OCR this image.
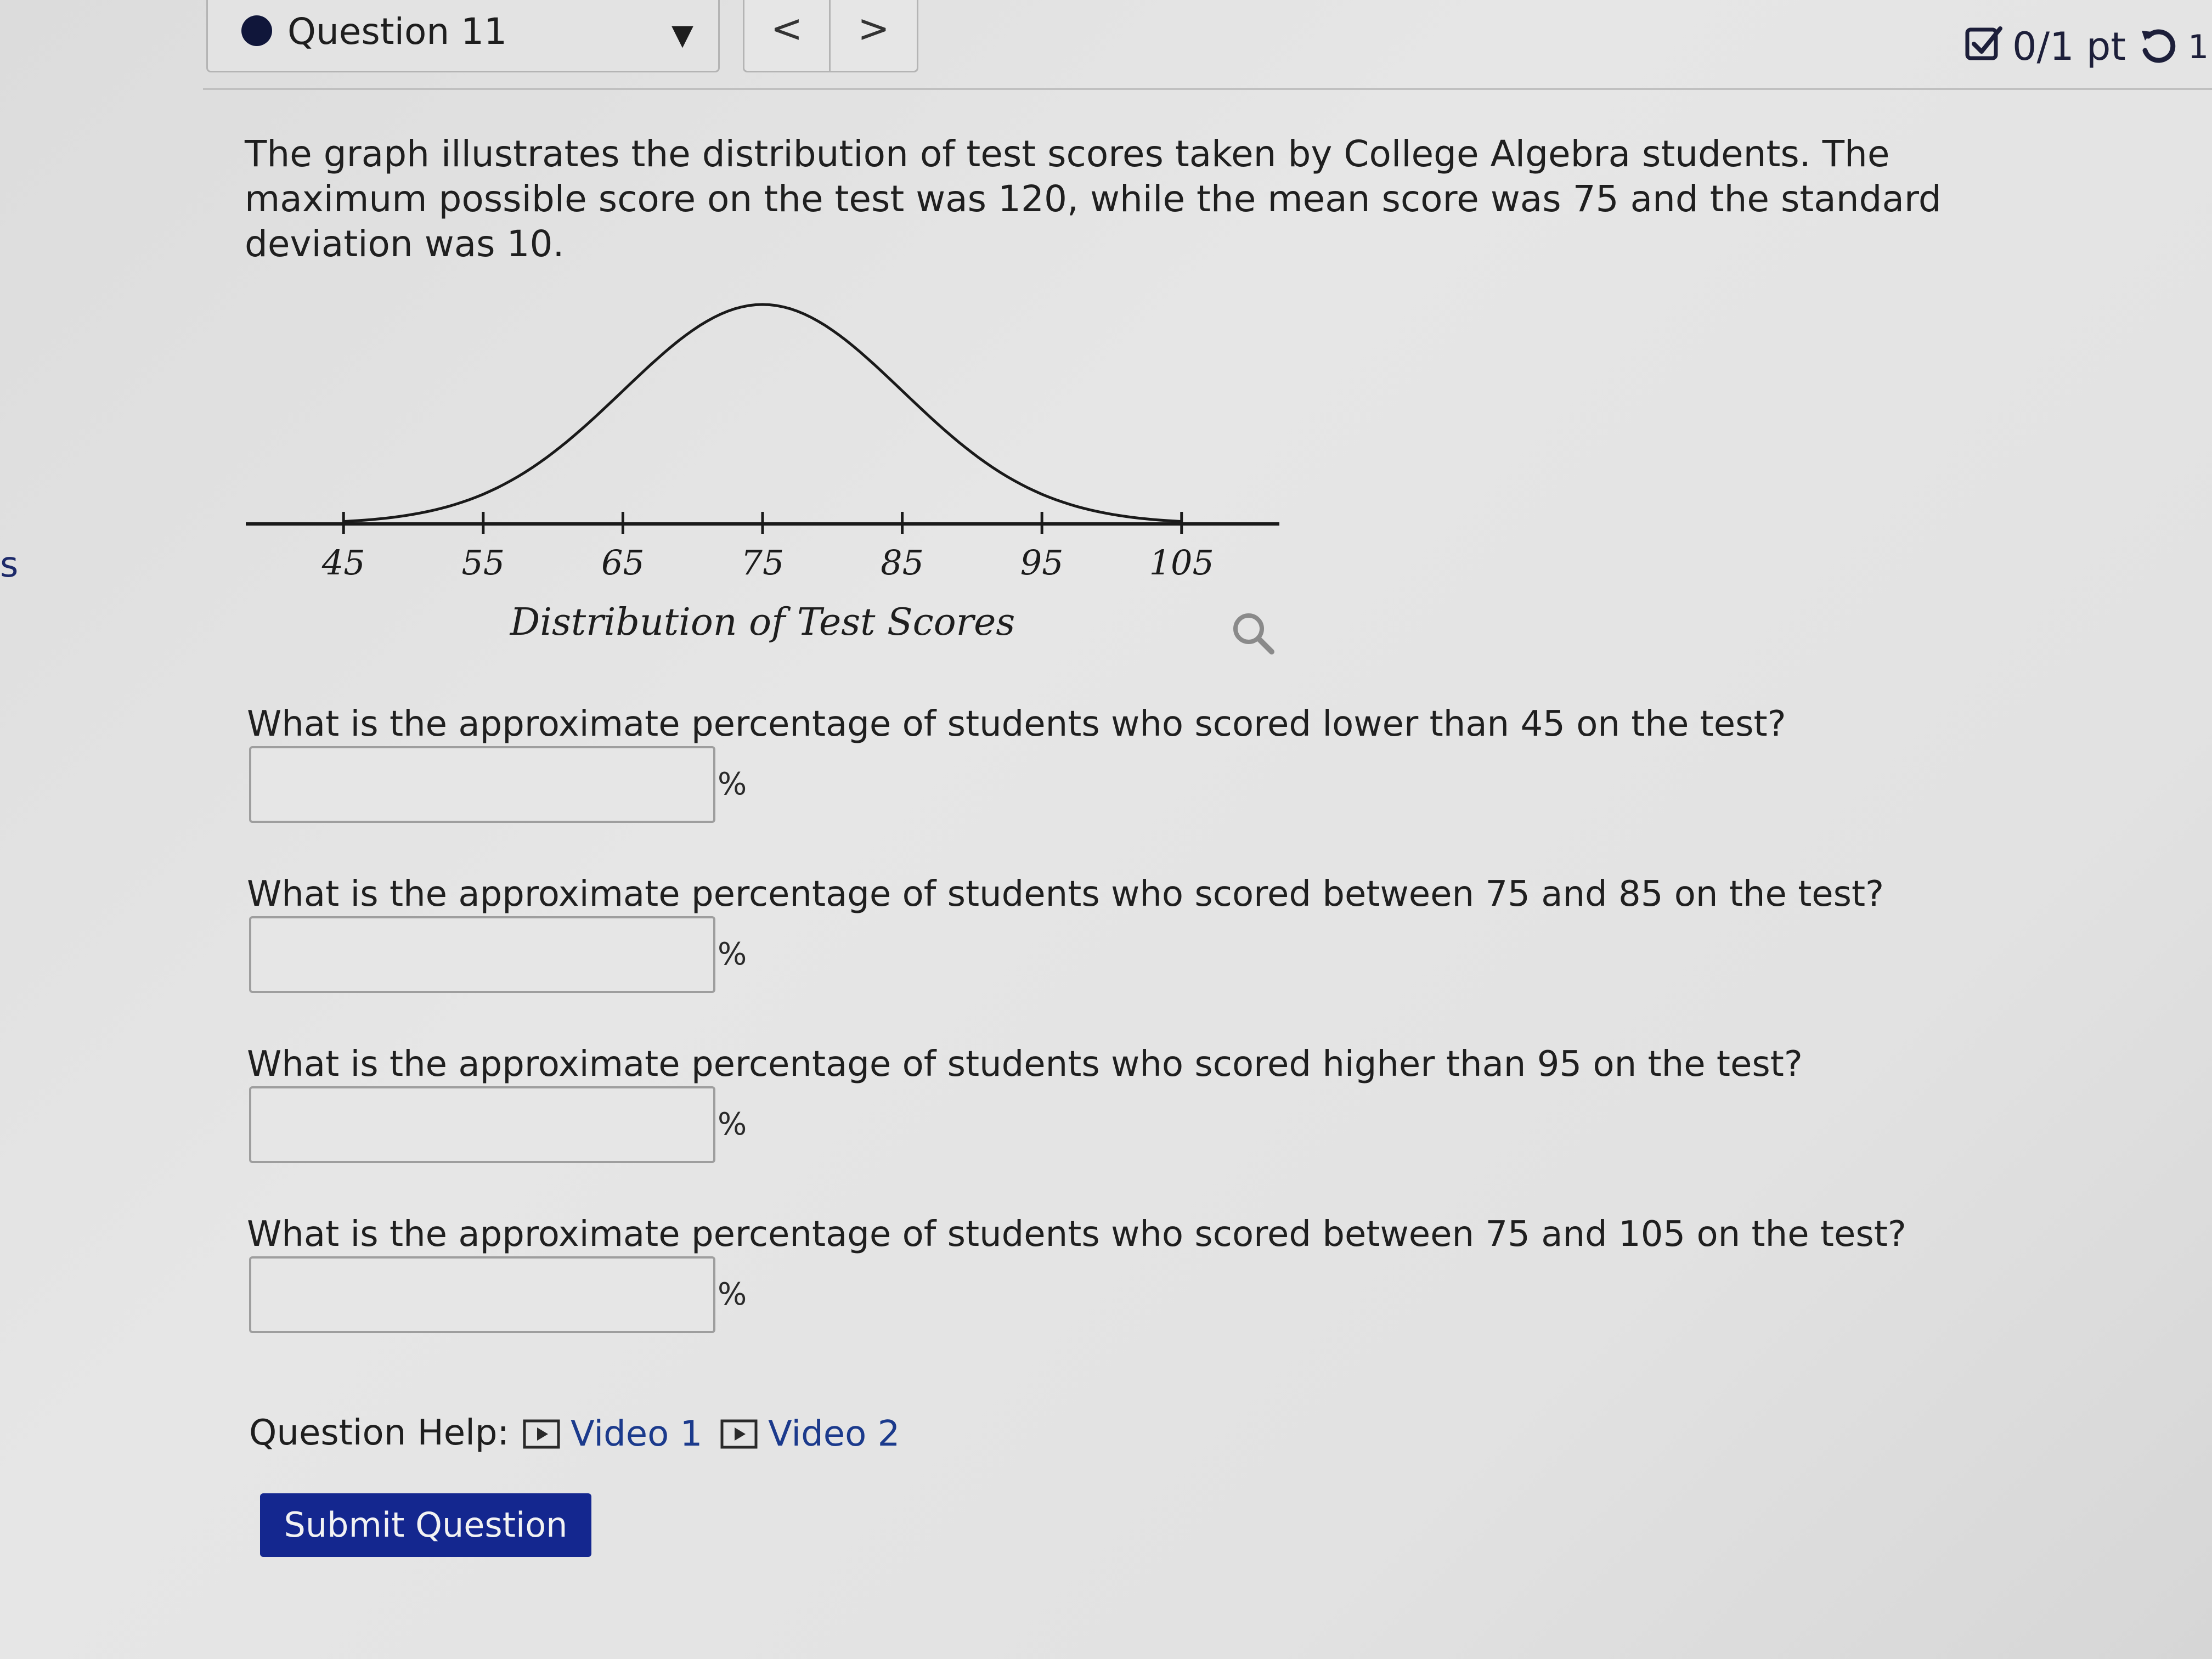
Question 11	▼	<	>	0/1 pt 1
s
The graph illustrates the distribution of test scores taken by College Algebra students. The maximum possible score on the test was 120, while the mean score was 75 and the standard deviation was 10.
45	55	65	75	85	95	105
Distribution of Test Scores
What is the approximate percentage of students who scored lower than 45 on the test?
%
What is the approximate percentage of students who scored between 75 and 85 on the test?
%
What is the approximate percentage of students who scored higher than 95 on the test?
%
What is the approximate percentage of students who scored between 75 and 105 on the test?
%
Question Help: Video 1 Video 2
Submit Question
